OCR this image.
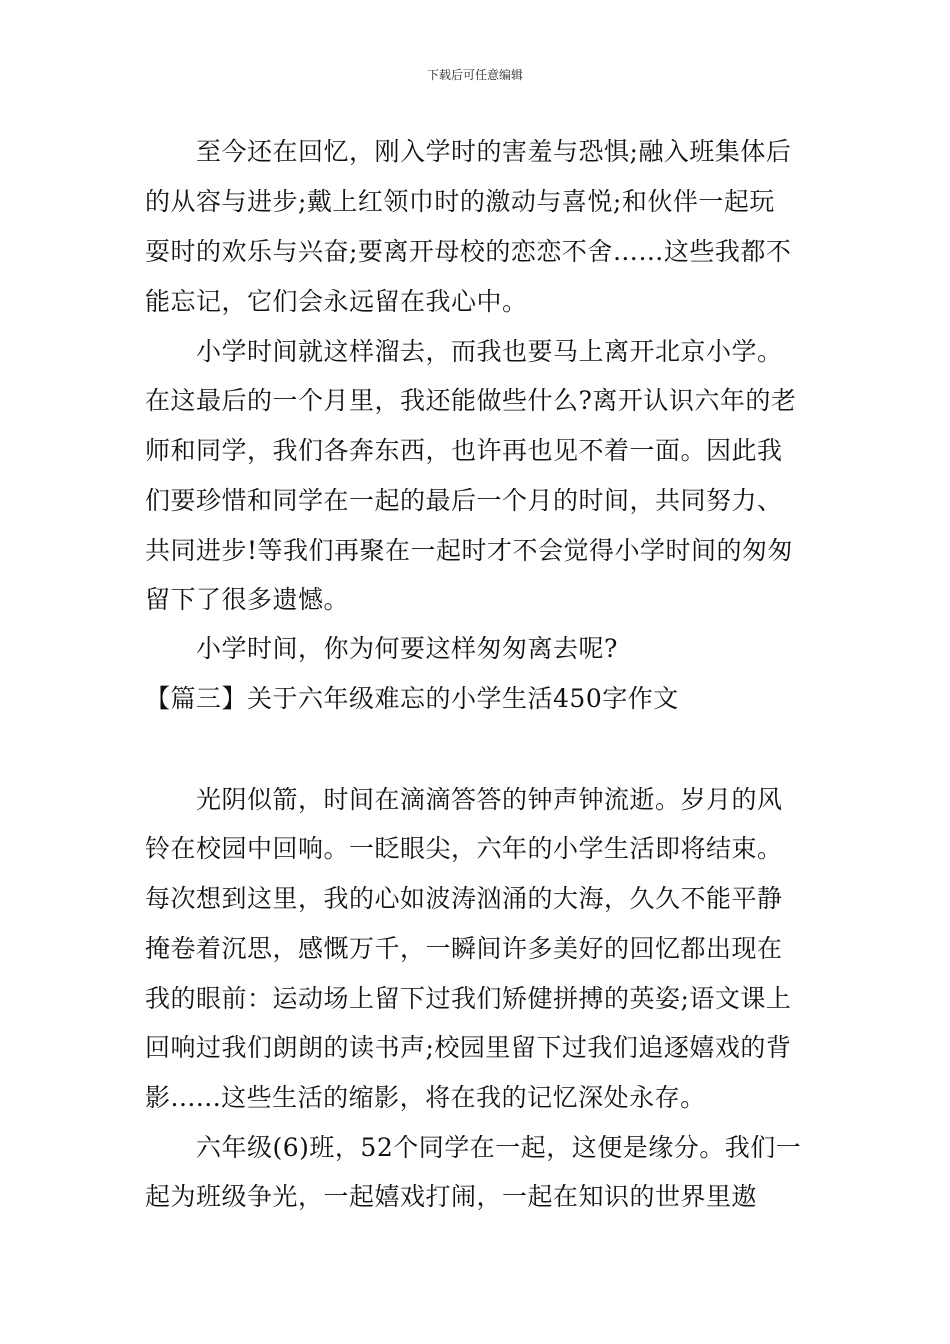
下载后可任意编辑
至今还在回忆，刚入学时的害羞与恐惧;融入班集体后
的从容与进步;戴上红领巾时的激动与喜悦;和伙伴一起玩
耍时的欢乐与兴奋;要离开母校的恋恋不舍……这些我都不
能忘记，它们会永远留在我心中。
小学时间就这样溜去，而我也要马上离开北京小学。
在这最后的一个月里，我还能做些什么?离开认识六年的老
师和同学，我们各奔东西，也许再也见不着一面。因此我
们要珍惜和同学在一起的最后一个月的时间，共同努力、
共同进步!等我们再聚在一起时才不会觉得小学时间的匆匆
留下了很多遗憾。
小学时间，你为何要这样匆匆离去呢?
【篇三】关于六年级难忘的小学生活450字作文
光阴似箭，时间在滴滴答答的钟声钟流逝。岁月的风
铃在校园中回响。一眨眼尖，六年的小学生活即将结束。
每次想到这里，我的心如波涛汹涌的大海，久久不能平静
掩卷着沉思，感慨万千，一瞬间许多美好的回忆都出现在
我的眼前：运动场上留下过我们矫健拼搏的英姿;语文课上
回响过我们朗朗的读书声;校园里留下过我们追逐嬉戏的背
影......这些生活的缩影，将在我的记忆深处永存。
六年级(6)班，52个同学在一起，这便是缘分。我们一
起为班级争光，一起嬉戏打闹，一起在知识的世界里遨
